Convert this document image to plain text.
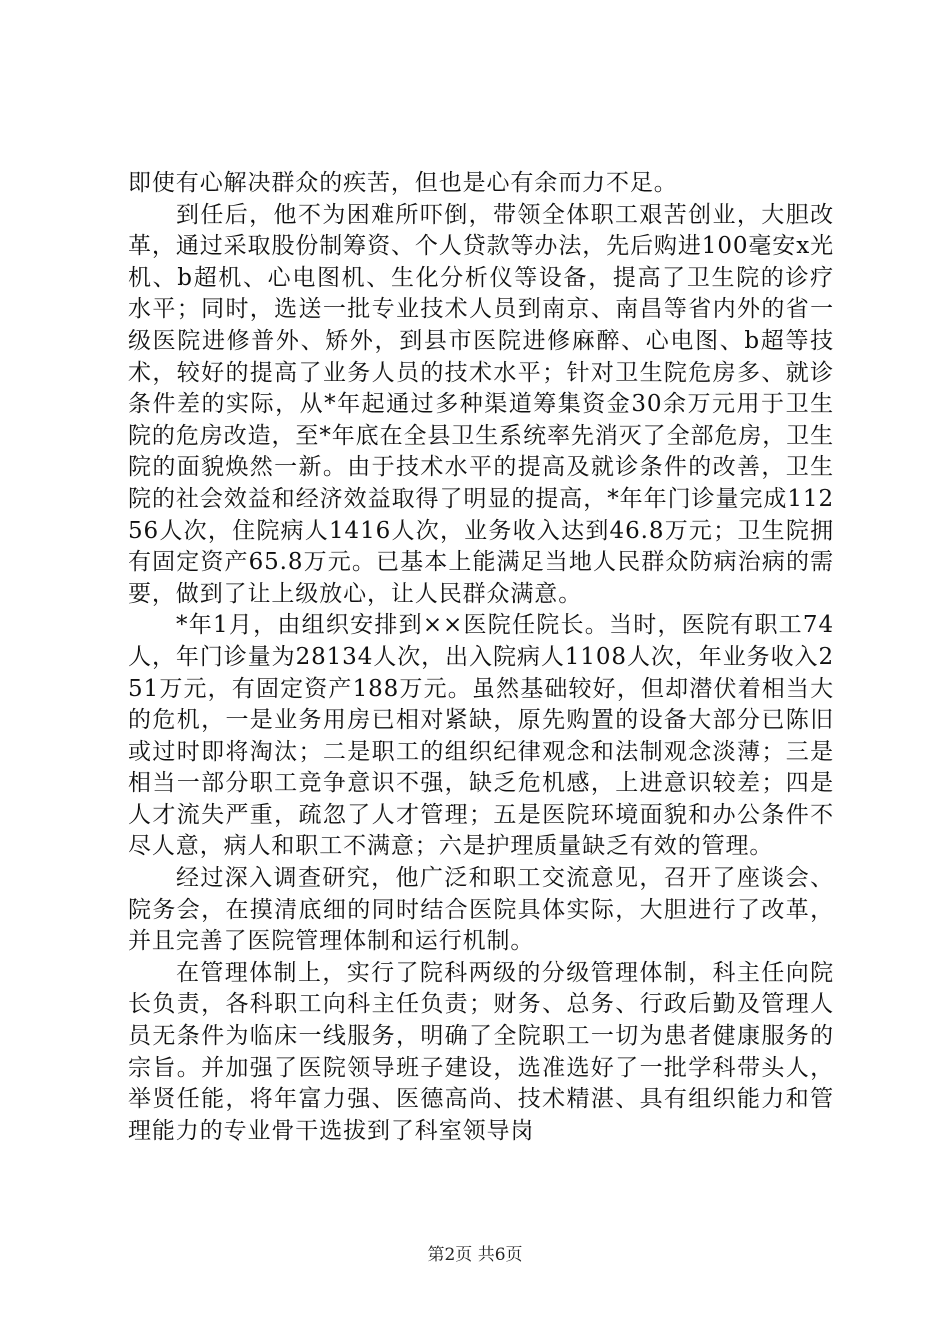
即使有心解决群众的疾苦，但也是心有余而力不足。

到任后，他不为困难所吓倒，带领全体职工艰苦创业，大胆改革，通过采取股份制筹资、个人贷款等办法，先后购进100毫安x光机、b超机、心电图机、生化分析仪等设备，提高了卫生院的诊疗水平；同时，选送一批专业技术人员到南京、南昌等省内外的省一级医院进修普外、矫外，到县市医院进修麻醉、心电图、b超等技术，较好的提高了业务人员的技术水平；针对卫生院危房多、就诊条件差的实际，从*年起通过多种渠道筹集资金30余万元用于卫生院的危房改造，至*年底在全县卫生系统率先消灭了全部危房，卫生院的面貌焕然一新。由于技术水平的提高及就诊条件的改善，卫生院的社会效益和经济效益取得了明显的提高，*年年门诊量完成11256人次，住院病人1416人次，业务收入达到46.8万元；卫生院拥有固定资产65.8万元。已基本上能满足当地人民群众防病治病的需要，做到了让上级放心，让人民群众满意。

*年1月，由组织安排到××医院任院长。当时，医院有职工74人，年门诊量为28134人次，出入院病人1108人次，年业务收入251万元，有固定资产188万元。虽然基础较好，但却潜伏着相当大的危机，一是业务用房已相对紧缺，原先购置的设备大部分已陈旧或过时即将淘汰；二是职工的组织纪律观念和法制观念淡薄；三是相当一部分职工竞争意识不强，缺乏危机感，上进意识较差；四是人才流失严重，疏忽了人才管理；五是医院环境面貌和办公条件不尽人意，病人和职工不满意；六是护理质量缺乏有效的管理。

经过深入调查研究，他广泛和职工交流意见，召开了座谈会、院务会，在摸清底细的同时结合医院具体实际，大胆进行了改革，并且完善了医院管理体制和运行机制。

在管理体制上，实行了院科两级的分级管理体制，科主任向院长负责，各科职工向科主任负责；财务、总务、行政后勤及管理人员无条件为临床一线服务，明确了全院职工一切为患者健康服务的宗旨。并加强了医院领导班子建设，选准选好了一批学科带头人，举贤任能，将年富力强、医德高尚、技术精湛、具有组织能力和管理能力的专业骨干选拔到了科室领导岗

第2页 共6页
